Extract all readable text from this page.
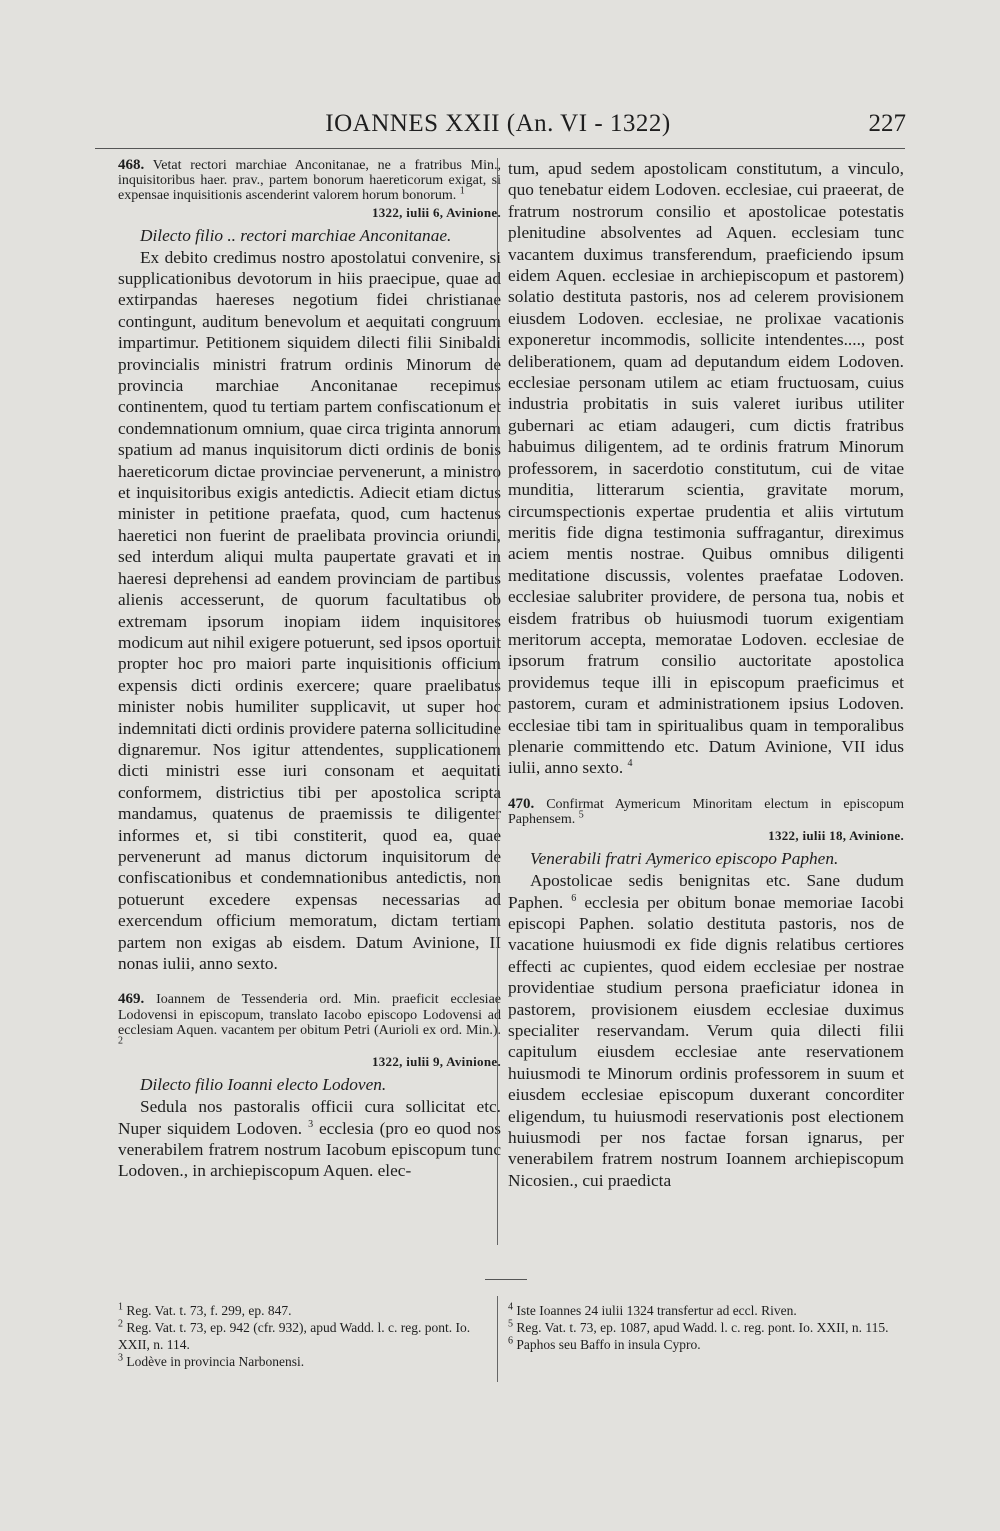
IOANNES XXII (An. VI - 1322)	227

468. Vetat rectori marchiae Anconitanae, ne a fratribus Min., inquisitoribus haer. prav., partem bonorum haereticorum exigat, si expensae inquisitionis ascenderint valorem horum bonorum. $^1$

1322, iulii 6, Avinione.

Dilecto filio .. rectori marchiae Anconitanae.

Ex debito credimus nostro apostolatui convenire, si supplicationibus devotorum in hiis praecipue, quae ad extirpandas haereses negotium fidei christianae contingunt, auditum benevolum et aequitati congruum impartimur. Petitionem siquidem dilecti filii Sinibaldi provincialis ministri fratrum ordinis Minorum de provincia marchiae Anconitanae recepimus continentem, quod tu tertiam partem confiscationum et condemnationum omnium, quae circa triginta annorum spatium ad manus inquisitorum dicti ordinis de bonis haereticorum dictae provinciae pervenerunt, a ministro et inquisitoribus exigis antedictis. Adiecit etiam dictus minister in petitione praefata, quod, cum hactenus haeretici non fuerint de praelibata provincia oriundi, sed interdum aliqui multa paupertate gravati et in haeresi deprehensi ad eandem provinciam de partibus alienis accesserunt, de quorum facultatibus ob extremam ipsorum inopiam iidem inquisitores modicum aut nihil exigere potuerunt, sed ipsos oportuit propter hoc pro maiori parte inquisitionis officium expensis dicti ordinis exercere; quare praelibatus minister nobis humiliter supplicavit, ut super hoc indemnitati dicti ordinis providere paterna sollicitudine dignaremur. Nos igitur attendentes, supplicationem dicti ministri esse iuri consonam et aequitati conformem, districtius tibi per apostolica scripta mandamus, quatenus de praemissis te diligenter informes et, si tibi constiterit, quod ea, quae pervenerunt ad manus dictorum inquisitorum de confiscationibus et condemnationibus antedictis, non potuerunt excedere expensas necessarias ad exercendum officium memoratum, dictam tertiam partem non exigas ab eisdem. Datum Avinione, II nonas iulii, anno sexto.

469. Ioannem de Tessenderia ord. Min. praeficit ecclesiae Lodovensi in episcopum, translato Iacobo episcopo Lodovensi ad ecclesiam Aquen. vacantem per obitum Petri (Aurioli ex ord. Min.). $^2$

1322, iulii 9, Avinione.

Dilecto filio Ioanni electo Lodoven.

Sedula nos pastoralis officii cura sollicitat etc. Nuper siquidem Lodoven. $^3$ ecclesia (pro eo quod nos venerabilem fratrem nostrum Iacobum episcopum tunc Lodoven., in archiepiscopum Aquen. elec-

tum, apud sedem apostolicam constitutum, a vinculo, quo tenebatur eidem Lodoven. ecclesiae, cui praeerat, de fratrum nostrorum consilio et apostolicae potestatis plenitudine absolventes ad Aquen. ecclesiam tunc vacantem duximus transferendum, praeficiendo ipsum eidem Aquen. ecclesiae in archiepiscopum et pastorem) solatio destituta pastoris, nos ad celerem provisionem eiusdem Lodoven. ecclesiae, ne prolixae vacationis exponeretur incommodis, sollicite intendentes...., post deliberationem, quam ad deputandum eidem Lodoven. ecclesiae personam utilem ac etiam fructuosam, cuius industria probitatis in suis valeret iuribus utiliter gubernari ac etiam adaugeri, cum dictis fratribus habuimus diligentem, ad te ordinis fratrum Minorum professorem, in sacerdotio constitutum, cui de vitae munditia, litterarum scientia, gravitate morum, circumspectionis expertae prudentia et aliis virtutum meritis fide digna testimonia suffragantur, direximus aciem mentis nostrae. Quibus omnibus diligenti meditatione discussis, volentes praefatae Lodoven. ecclesiae salubriter providere, de persona tua, nobis et eisdem fratribus ob huiusmodi tuorum exigentiam meritorum accepta, memoratae Lodoven. ecclesiae de ipsorum fratrum consilio auctoritate apostolica providemus teque illi in episcopum praeficimus et pastorem, curam et administrationem ipsius Lodoven. ecclesiae tibi tam in spiritualibus quam in temporalibus plenarie committendo etc. Datum Avinione, VII idus iulii, anno sexto. $^4$

470. Confirmat Aymericum Minoritam electum in episcopum Paphensem. $^5$

1322, iulii 18, Avinione.

Venerabili fratri Aymerico episcopo Paphen.

Apostolicae sedis benignitas etc. Sane dudum Paphen. $^6$ ecclesia per obitum bonae memoriae Iacobi episcopi Paphen. solatio destituta pastoris, nos de vacatione huiusmodi ex fide dignis relatibus certiores effecti ac cupientes, quod eidem ecclesiae per nostrae providentiae studium persona praeficiatur idonea in pastorem, provisionem eiusdem ecclesiae duximus specialiter reservandam. Verum quia dilecti filii capitulum eiusdem ecclesiae ante reservationem huiusmodi te Minorum ordinis professorem in suum et eiusdem ecclesiae episcopum duxerant concorditer eligendum, tu huiusmodi reservationis post electionem huiusmodi per nos factae forsan ignarus, per venerabilem fratrem nostrum Ioannem archiepiscopum Nicosien., cui praedicta

$^1$ Reg. Vat. t. 73, f. 299, ep. 847.

$^2$ Reg. Vat. t. 73, ep. 942 (cfr. 932), apud Wadd. l. c. reg. pont. Io. XXII, n. 114.

$^3$ Lodève in provincia Narbonensi.

$^4$ Iste Ioannes 24 iulii 1324 transfertur ad eccl. Riven.

$^5$ Reg. Vat. t. 73, ep. 1087, apud Wadd. l. c. reg. pont. Io. XXII, n. 115.

$^6$ Paphos seu Baffo in insula Cypro.
